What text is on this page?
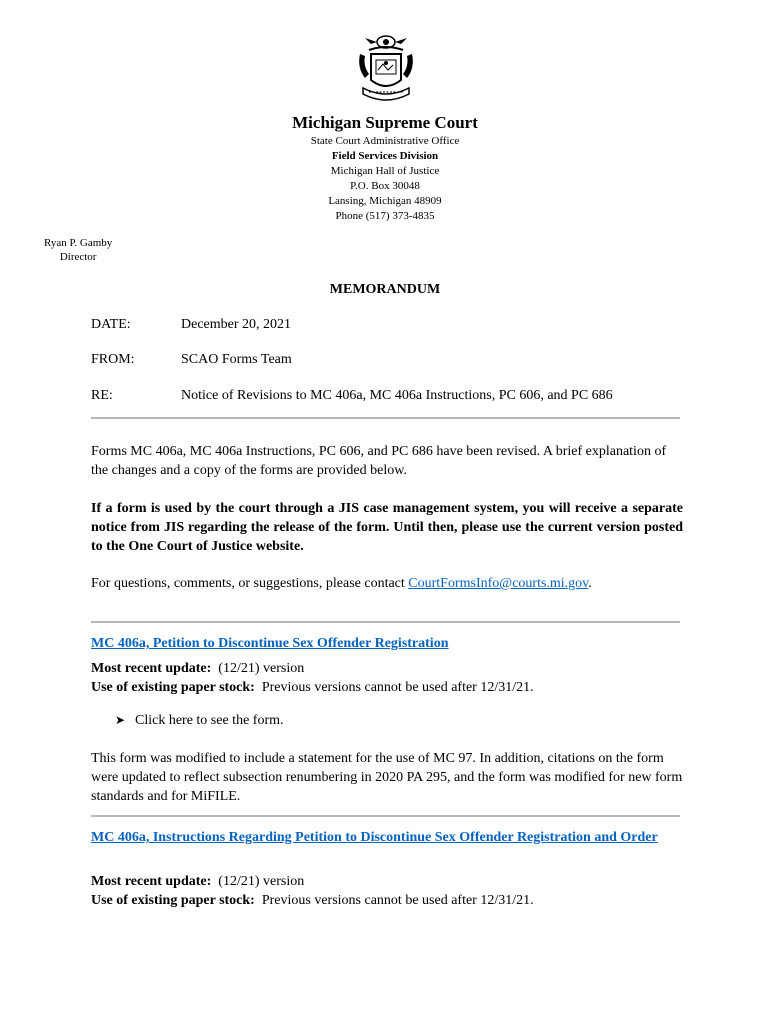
Michigan Supreme Court
State Court Administrative Office
Field Services Division
Michigan Hall of Justice
P.O. Box 30048
Lansing, Michigan 48909
Phone (517) 373-4835
Ryan P. Gamby
Director
MEMORANDUM
DATE:	December 20, 2021
FROM:	SCAO Forms Team
RE:	Notice of Revisions to MC 406a, MC 406a Instructions, PC 606, and PC 686

Forms MC 406a, MC 406a Instructions, PC 606, and PC 686 have been revised. A brief explanation of the changes and a copy of the forms are provided below.

If a form is used by the court through a JIS case management system, you will receive a separate notice from JIS regarding the release of the form. Until then, please use the current version posted to the One Court of Justice website.

For questions, comments, or suggestions, please contact CourtFormsInfo@courts.mi.gov.

MC 406a, Petition to Discontinue Sex Offender Registration
Most recent update: (12/21) version
Use of existing paper stock: Previous versions cannot be used after 12/31/21.
➤ Click here to see the form.

This form was modified to include a statement for the use of MC 97. In addition, citations on the form were updated to reflect subsection renumbering in 2020 PA 295, and the form was modified for new form standards and for MiFILE.

MC 406a, Instructions Regarding Petition to Discontinue Sex Offender Registration and Order
Most recent update: (12/21) version
Use of existing paper stock: Previous versions cannot be used after 12/31/21.
